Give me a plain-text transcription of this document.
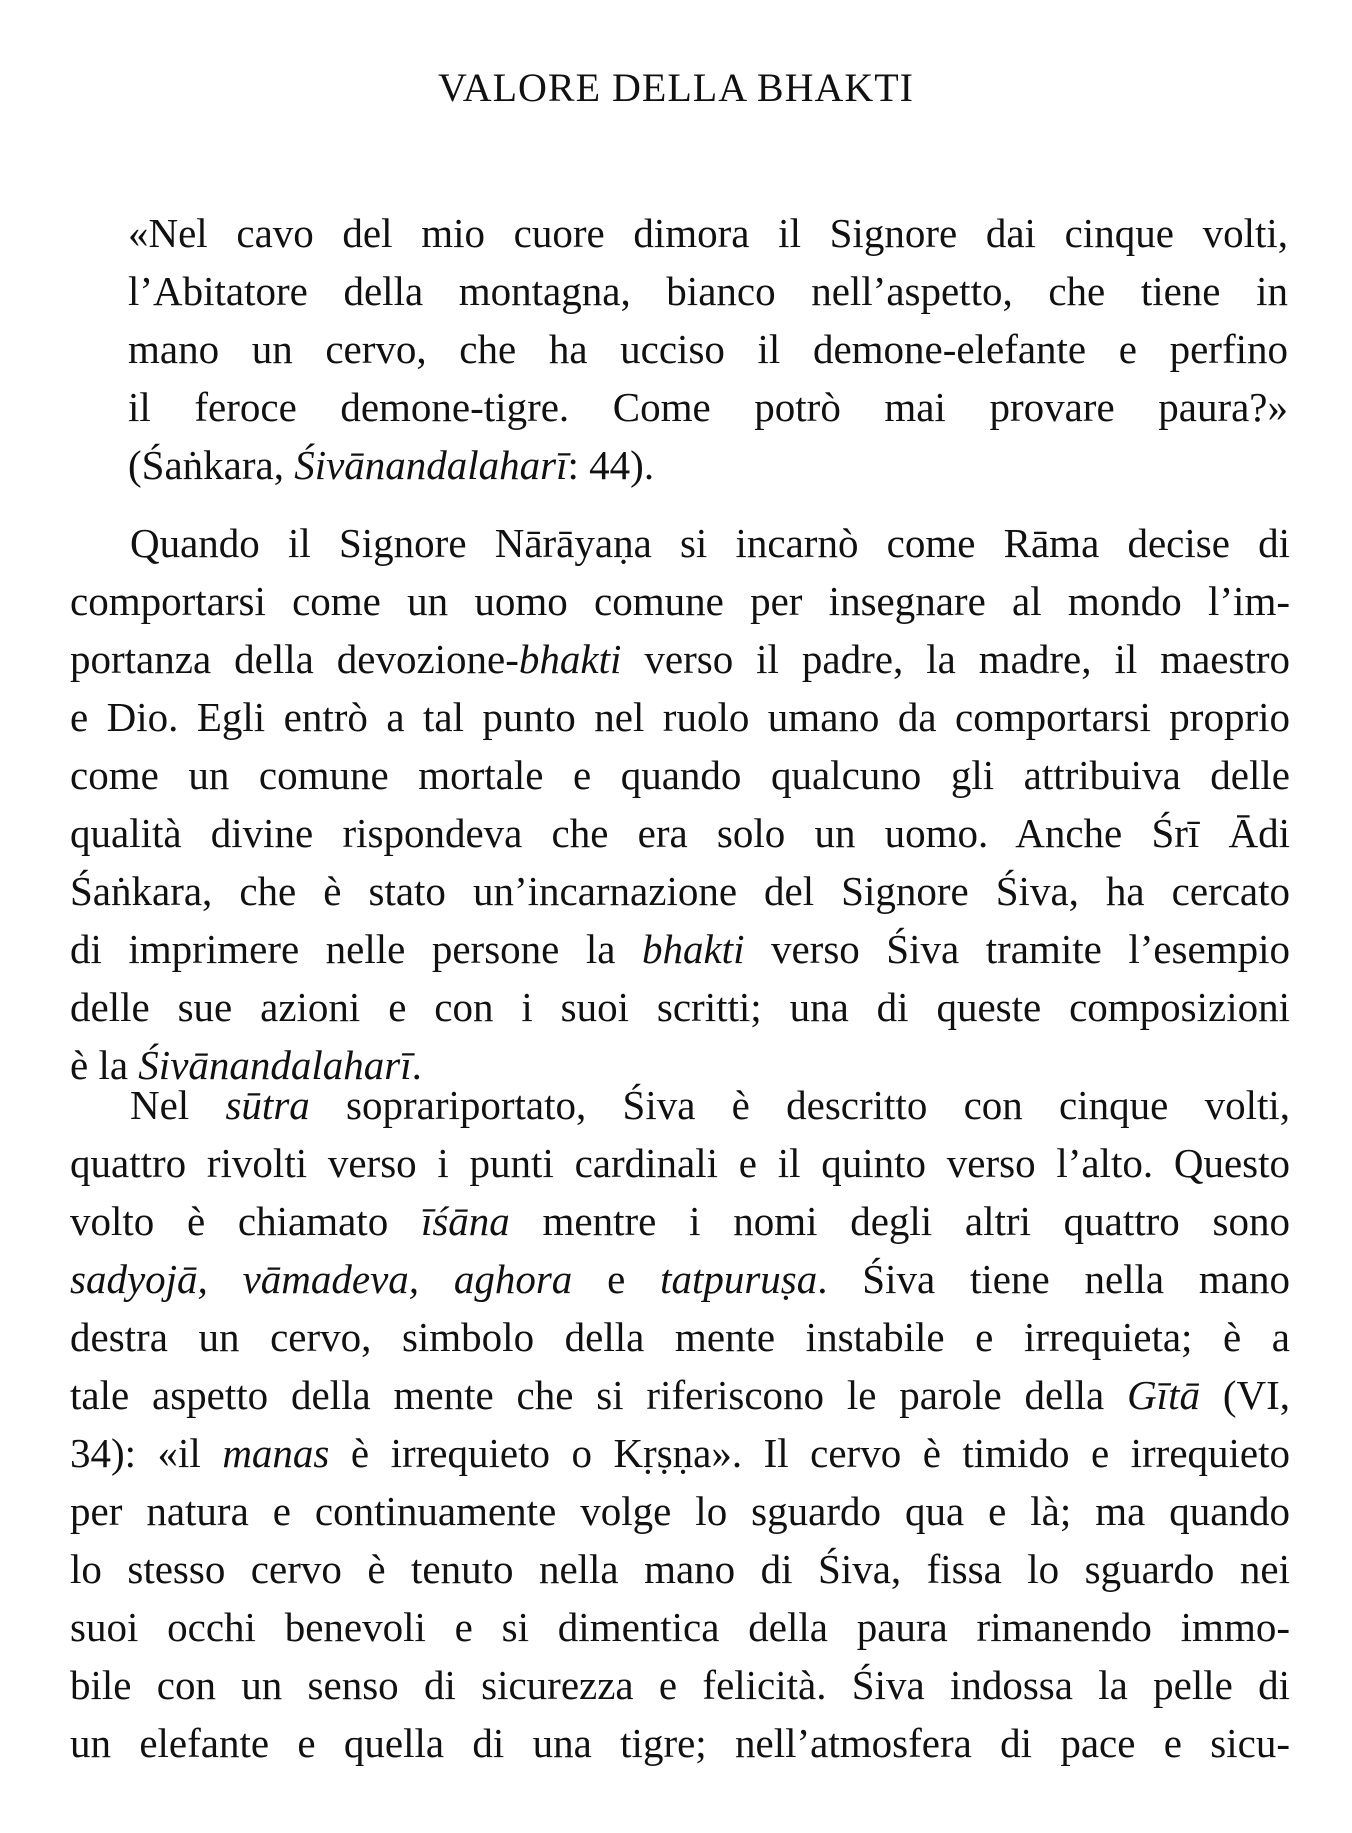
VALORE DELLA BHAKTI
«Nel cavo del mio cuore dimora il Signore dai cinque volti,
l’Abitatore della montagna, bianco nell’aspetto, che tiene in
mano un cervo, che ha ucciso il demone-elefante e perfino
il feroce demone-tigre. Come potrò mai provare paura?»
(Śaṅkara, Śivānandalaharī: 44).
Quando il Signore Nārāyaṇa si incarnò come Rāma decise di
comportarsi come un uomo comune per insegnare al mondo l’im-
portanza della devozione-bhakti verso il padre, la madre, il maestro
e Dio. Egli entrò a tal punto nel ruolo umano da comportarsi proprio
come un comune mortale e quando qualcuno gli attribuiva delle
qualità divine rispondeva che era solo un uomo. Anche Śrī Ādi
Śaṅkara, che è stato un’incarnazione del Signore Śiva, ha cercato
di imprimere nelle persone la bhakti verso Śiva tramite l’esempio
delle sue azioni e con i suoi scritti; una di queste composizioni
è la Śivānandalaharī.
Nel sūtra soprariportato, Śiva è descritto con cinque volti,
quattro rivolti verso i punti cardinali e il quinto verso l’alto. Questo
volto è chiamato īśāna mentre i nomi degli altri quattro sono
sadyojā, vāmadeva, aghora e tatpuruṣa. Śiva tiene nella mano
destra un cervo, simbolo della mente instabile e irrequieta; è a
tale aspetto della mente che si riferiscono le parole della Gītā (VI,
34): «il manas è irrequieto o Kṛṣṇa». Il cervo è timido e irrequieto
per natura e continuamente volge lo sguardo qua e là; ma quando
lo stesso cervo è tenuto nella mano di Śiva, fissa lo sguardo nei
suoi occhi benevoli e si dimentica della paura rimanendo immo-
bile con un senso di sicurezza e felicità. Śiva indossa la pelle di
un elefante e quella di una tigre; nell’atmosfera di pace e sicu-
